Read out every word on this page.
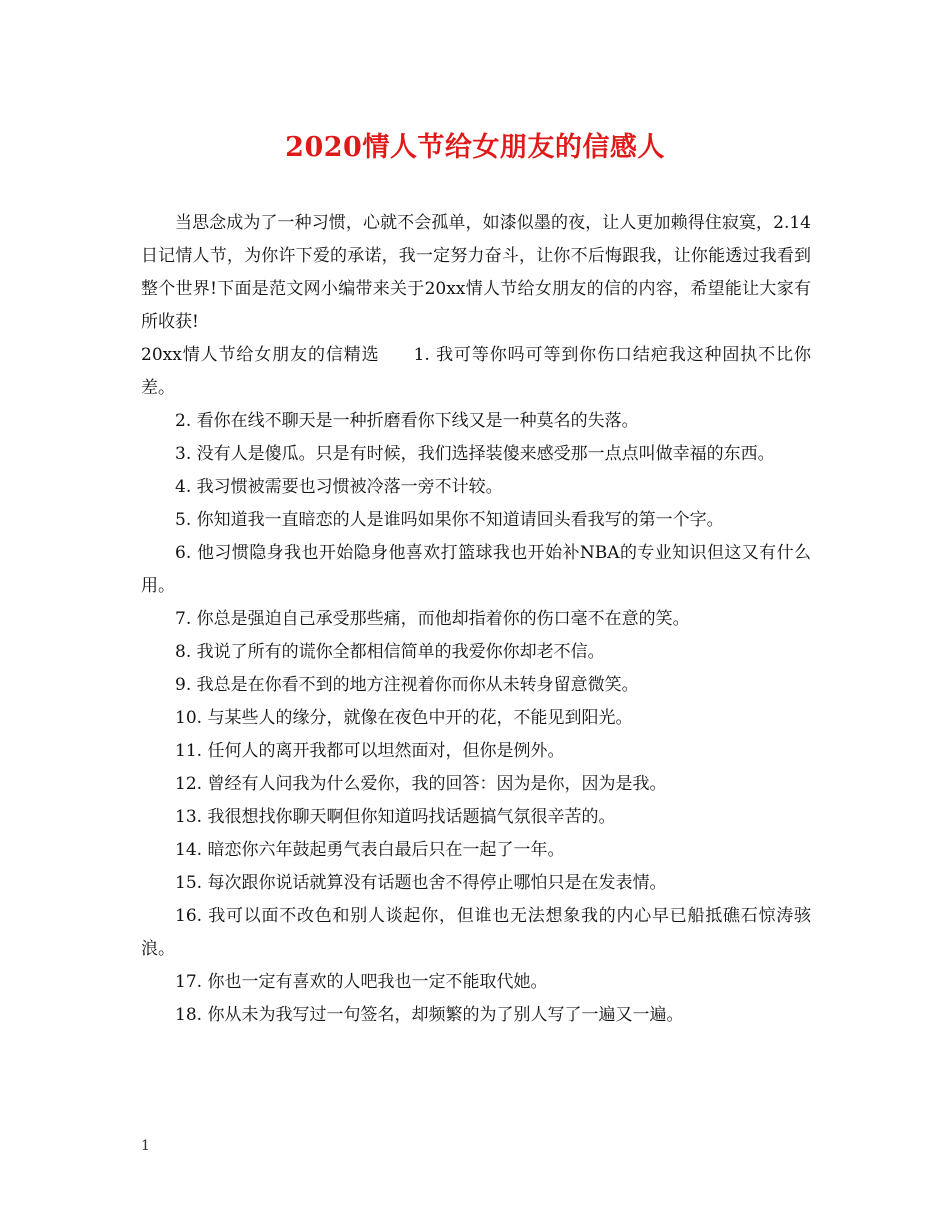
2020情人节给女朋友的信感人

当思念成为了一种习惯，心就不会孤单，如漆似墨的夜，让人更加赖得住寂寞，2.14日记情人节，为你许下爱的承诺，我一定努力奋斗，让你不后悔跟我，让你能透过我看到整个世界!下面是范文网小编带来关于20xx情人节给女朋友的信的内容，希望能让大家有所收获!

20xx情人节给女朋友的信精选 1. 我可等你吗可等到你伤口结疤我这种固执不比你差。

2. 看你在线不聊天是一种折磨看你下线又是一种莫名的失落。

3. 没有人是傻瓜。只是有时候，我们选择装傻来感受那一点点叫做幸福的东西。

4. 我习惯被需要也习惯被冷落一旁不计较。

5. 你知道我一直暗恋的人是谁吗如果你不知道请回头看我写的第一个字。

6. 他习惯隐身我也开始隐身他喜欢打篮球我也开始补NBA的专业知识但这又有什么用。

7. 你总是强迫自己承受那些痛，而他却指着你的伤口毫不在意的笑。

8. 我说了所有的谎你全都相信简单的我爱你你却老不信。

9. 我总是在你看不到的地方注视着你而你从未转身留意微笑。

10. 与某些人的缘分，就像在夜色中开的花，不能见到阳光。

11. 任何人的离开我都可以坦然面对，但你是例外。

12. 曾经有人问我为什么爱你，我的回答：因为是你，因为是我。

13. 我很想找你聊天啊但你知道吗找话题搞气氛很辛苦的。

14. 暗恋你六年鼓起勇气表白最后只在一起了一年。

15. 每次跟你说话就算没有话题也舍不得停止哪怕只是在发表情。

16. 我可以面不改色和别人谈起你，但谁也无法想象我的内心早已船抵礁石惊涛骇浪。

17. 你也一定有喜欢的人吧我也一定不能取代她。

18. 你从未为我写过一句签名，却频繁的为了别人写了一遍又一遍。

1
